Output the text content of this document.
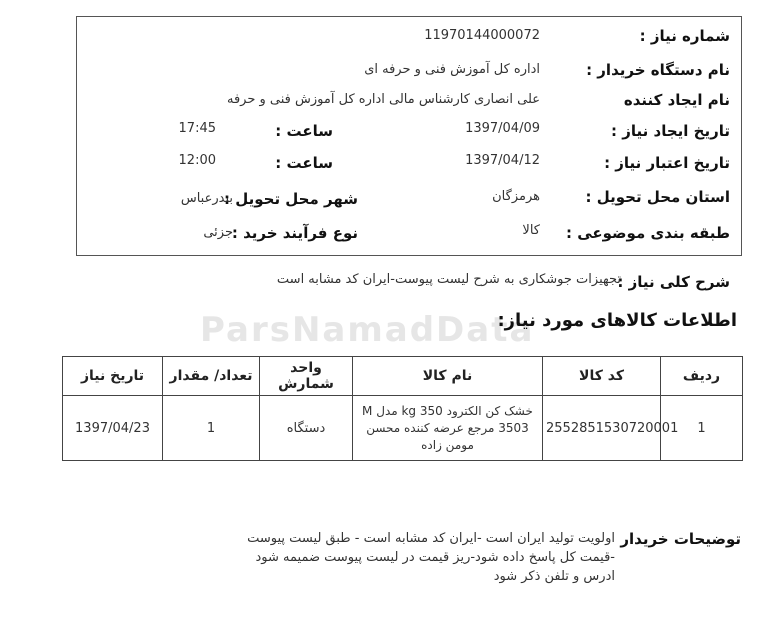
ParsNamadData
شماره نیاز :
11970144000072
نام دستگاه خریدار :
اداره کل آموزش فنی و حرفه ای
نام ایجاد کننده
علی انصاری کارشناس مالی اداره کل آموزش فنی و حرفه
تاریخ ایجاد نیاز :
1397/04/09
ساعت :
17:45
تاریخ اعتبار نیاز :
1397/04/12
ساعت :
12:00
استان محل تحویل :
هرمزگان
شهر محل تحویل :
بندرعباس
طبقه بندی موضوعی :
کالا
نوع فرآیند خرید :
جزئی
شرح کلی نیاز :
تجهیزات جوشکاری به شرح لیست پیوست-ایران کد مشابه است
اطلاعات کالاهای مورد نیاز:
ردیف	کد کالا	نام کالا	واحد شمارش	تعداد/ مقدار	تاریخ نیاز
1	2552851530720001	خشک کن الکترود kg 350 مدل M 3503 مرجع عرضه کننده محسن مومن زاده	دستگاه	1	1397/04/23
توضیحات خریدار
اولویت تولید ایران است -ایران کد مشابه است - طبق لیست پیوست
-قیمت کل پاسخ داده شود-ریز قیمت در لیست پیوست ضمیمه شود
ادرس و تلفن ذکر شود
